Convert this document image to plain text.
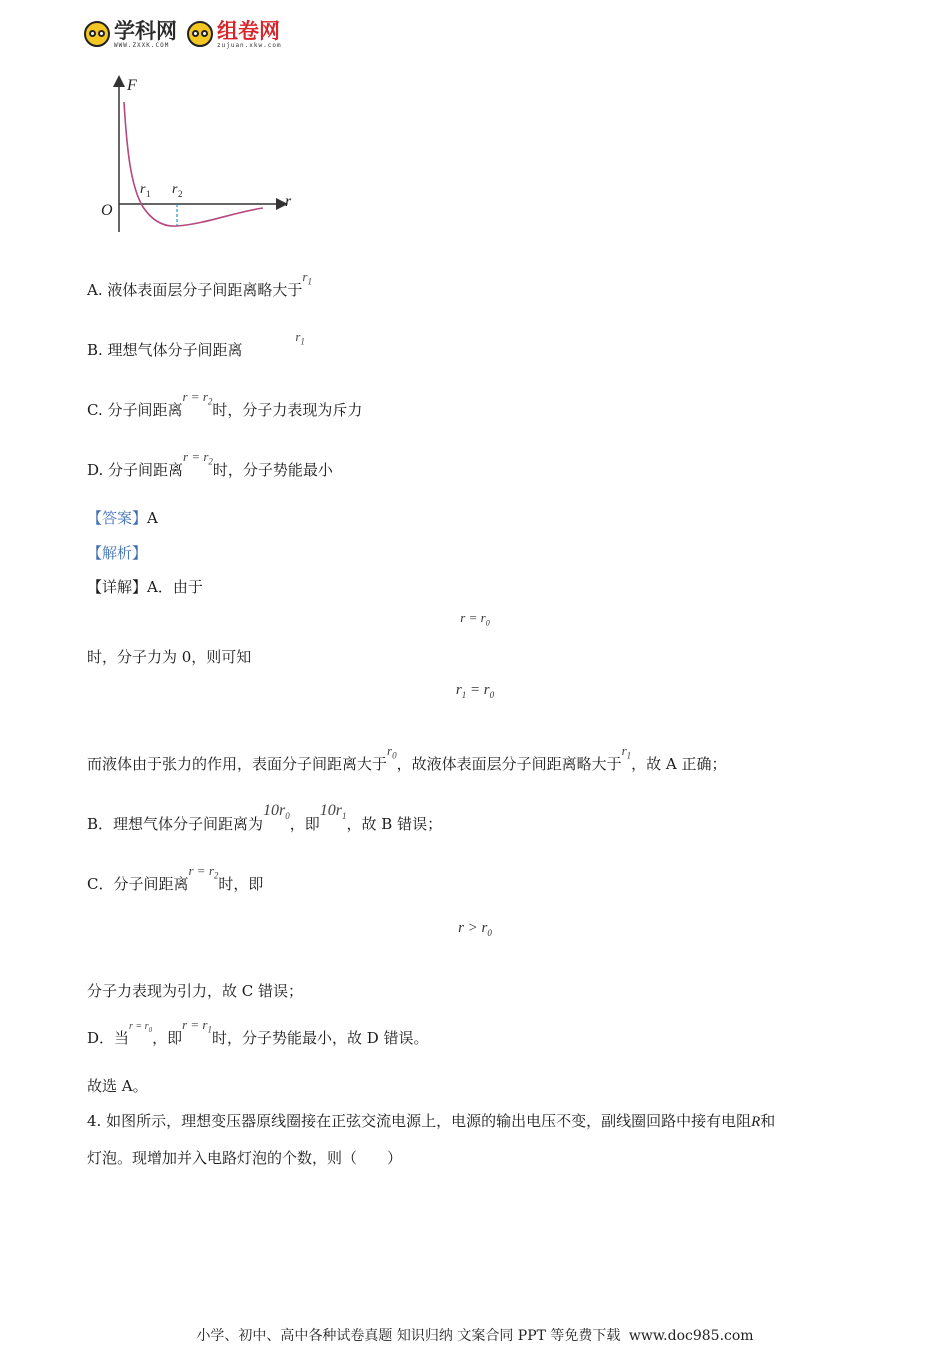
学科网
WWW.ZXXK.COM
组卷网
zujuan.xkw.com
F
r
O
r 1 r 2
A. 液体表面层分子间距离略大于$r_1$
B. 理想气体分子间距离 $r_1$
C. 分子间距离$r = r_2$时，分子力表现为斥力
D. 分子间距离$r = r_2$时，分子势能最小
【答案】A
【解析】
【详解】A．由于
$r = r_0$
时，分子力为 0，则可知
$r_1 = r_0$
而液体由于张力的作用，表面分子间距离大于$r_0$，故液体表面层分子间距离略大于$r_1$，故 A 正确；
B．理想气体分子间距离为$10r_0$，即$10r_1$，故 B 错误；
C．分子间距离$r = r_2$时，即
$r > r_0$
分子力表现为引力，故 C 错误；
D．当$^{r = r_0}$，即$r = r_1$时，分子势能最小，故 D 错误。
故选 A。
4. 如图所示，理想变压器原线圈接在正弦交流电源上，电源的输出电压不变，副线圈回路中接有电阻R和
灯泡。现增加并入电路灯泡的个数，则（　　）
小学、初中、高中各种试卷真题 知识归纳 文案合同 PPT 等免费下载 www.doc985.com
